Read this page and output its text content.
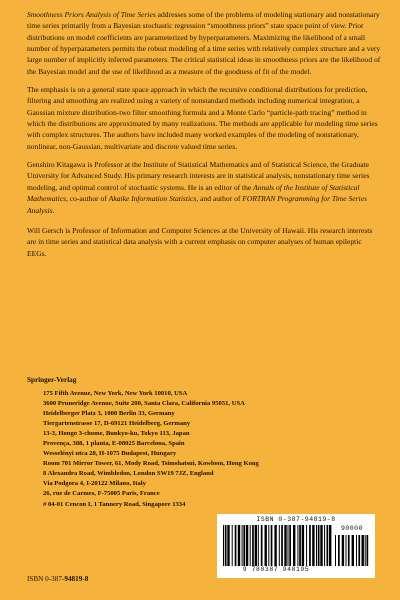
Smoothness Priors Analysis of Time Series addresses some of the problems of modeling stationary and nonstationary time series primarily from a Bayesian stochastic regression “smoothness priors” state space point of view. Prior distributions on model coefficients are parameterized by hyperparameters. Maximizing the likelihood of a small number of hyperparameters permits the robust modeling of a time series with relatively complex structure and a very large number of implicitly inferred parameters. The critical statistical ideas in smoothness priors are the likelihood of the Bayesian model and the use of likelihood as a measure of the goodness of fit of the model.

The emphasis is on a general state space approach in which the recursive conditional distributions for prediction, filtering and smoothing are realized using a variety of nonstandard methods including numerical integration, a Gaussian mixture distribution-two filter smoothing formula and a Monte Carlo “particle-path tracing” method in which the distributions are approximated by many realizations. The methods are applicable for modeling time series with complex structures. The authors have included many worked examples of the modeling of nonstationary, nonlinear, non-Gaussian, multivariate and discrete valued time series.

Genshiro Kitagawa is Professor at the Institute of Statistical Mathematics and of Statistical Science, the Graduate University for Advanced Study. His primary research interests are in statistical analysis, nonstationary time series modeling, and optimal control of stochastic systems. He is an editor of the Annals of the Institute of Statistical Mathematics, co-author of Akaike Information Statistics, and author of FORTRAN Programming for Time Series Analysis.

Will Gersch is Professor of Information and Computer Sciences at the University of Hawaii. His research interests are in time series and statistical data analysis with a current emphasis on computer analyses of human epileptic EEGs.

Springer-Verlag
175 Fifth Avenue, New York, New York 10010, USA
3600 Pruneridge Avenue, Suite 200, Santa Clara, California 95051, USA
Heidelberger Platz 3, 1000 Berlin 33, Germany
Tiergartenstrasse 17, D-69121 Heidelberg, Germany
13-3, Hongo 3-chome, Bunkyo-ku, Tokyo 113, Japan
Provença, 388, 1 planta, E-08025 Barcelona, Spain
Wesselényi utca 28, H-1075 Budapest, Hungary
Room 701 Mirror Tower, 61, Mody Road, Tsimshatsui, Kowloon, Hong Kong
8 Alexandra Road, Wimbledon, London SW19 7JZ, England
Via Podgora 4, I-20122 Milano, Italy
26, rue de Carmes, F-75005 Paris, France
# 04-01 Cencon I, 1 Tannery Road, Singapore 1334
ISBN 0-387-94819-8
90000
9 780387 948195
ISBN 0-387-94819-8
